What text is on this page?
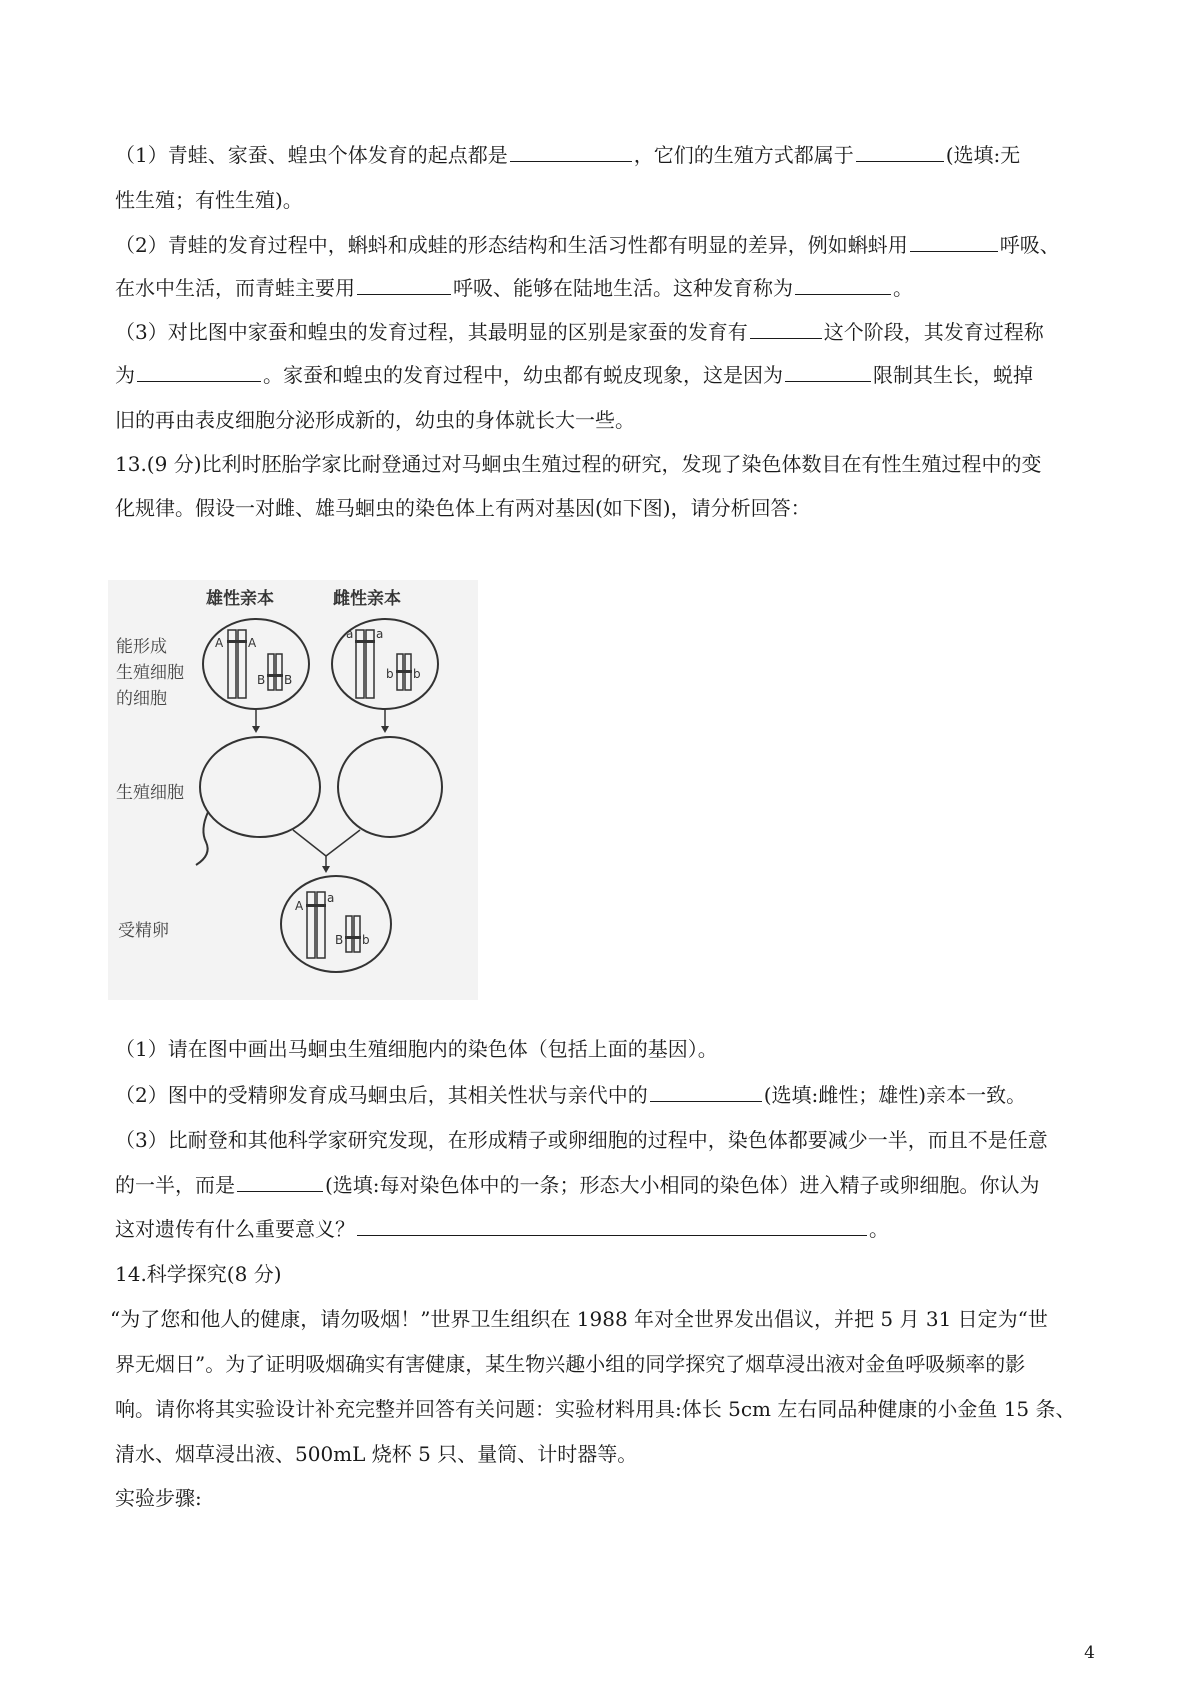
（1）青蛙、家蚕、蝗虫个体发育的起点都是	，它们的生殖方式都属于	(选填:无
性生殖；有性生殖)。
（2）青蛙的发育过程中，蝌蚪和成蛙的形态结构和生活习性都有明显的差异，例如蝌蚪用	呼吸、
在水中生活，而青蛙主要用	呼吸、能够在陆地生活。这种发育称为	。
（3）对比图中家蚕和蝗虫的发育过程，其最明显的区别是家蚕的发育有	这个阶段，其发育过程称
为	。家蚕和蝗虫的发育过程中，幼虫都有蜕皮现象，这是因为	限制其生长，蜕掉
旧的再由表皮细胞分泌形成新的，幼虫的身体就长大一些。
13.(9 分)比利时胚胎学家比耐登通过对马蛔虫生殖过程的研究，发现了染色体数目在有性生殖过程中的变
化规律。假设一对雌、雄马蛔虫的染色体上有两对基因(如下图)，请分析回答：
雄性亲本	雌性亲本
能形成
生殖细胞
的细胞
生殖细胞
受精卵
A A
B B
a a
b b
A
a
B b
（1）请在图中画出马蛔虫生殖细胞内的染色体（包括上面的基因）。
（2）图中的受精卵发育成马蛔虫后，其相关性状与亲代中的	(选填:雌性；雄性)亲本一致。
（3）比耐登和其他科学家研究发现，在形成精子或卵细胞的过程中，染色体都要减少一半，而且不是任意
的一半，而是	(选填:每对染色体中的一条；形态大小相同的染色体）进入精子或卵细胞。你认为
这对遗传有什么重要意义？	。
14.科学探究(8 分)
“为了您和他人的健康，请勿吸烟！”世界卫生组织在 1988 年对全世界发出倡议，并把 5 月 31 日定为“世
界无烟日”。为了证明吸烟确实有害健康，某生物兴趣小组的同学探究了烟草浸出液对金鱼呼吸频率的影
响。请你将其实验设计补充完整并回答有关问题：实验材料用具:体长 5cm 左右同品种健康的小金鱼 15 条、
清水、烟草浸出液、500mL 烧杯 5 只、量筒、计时器等。
实验步骤:
4
